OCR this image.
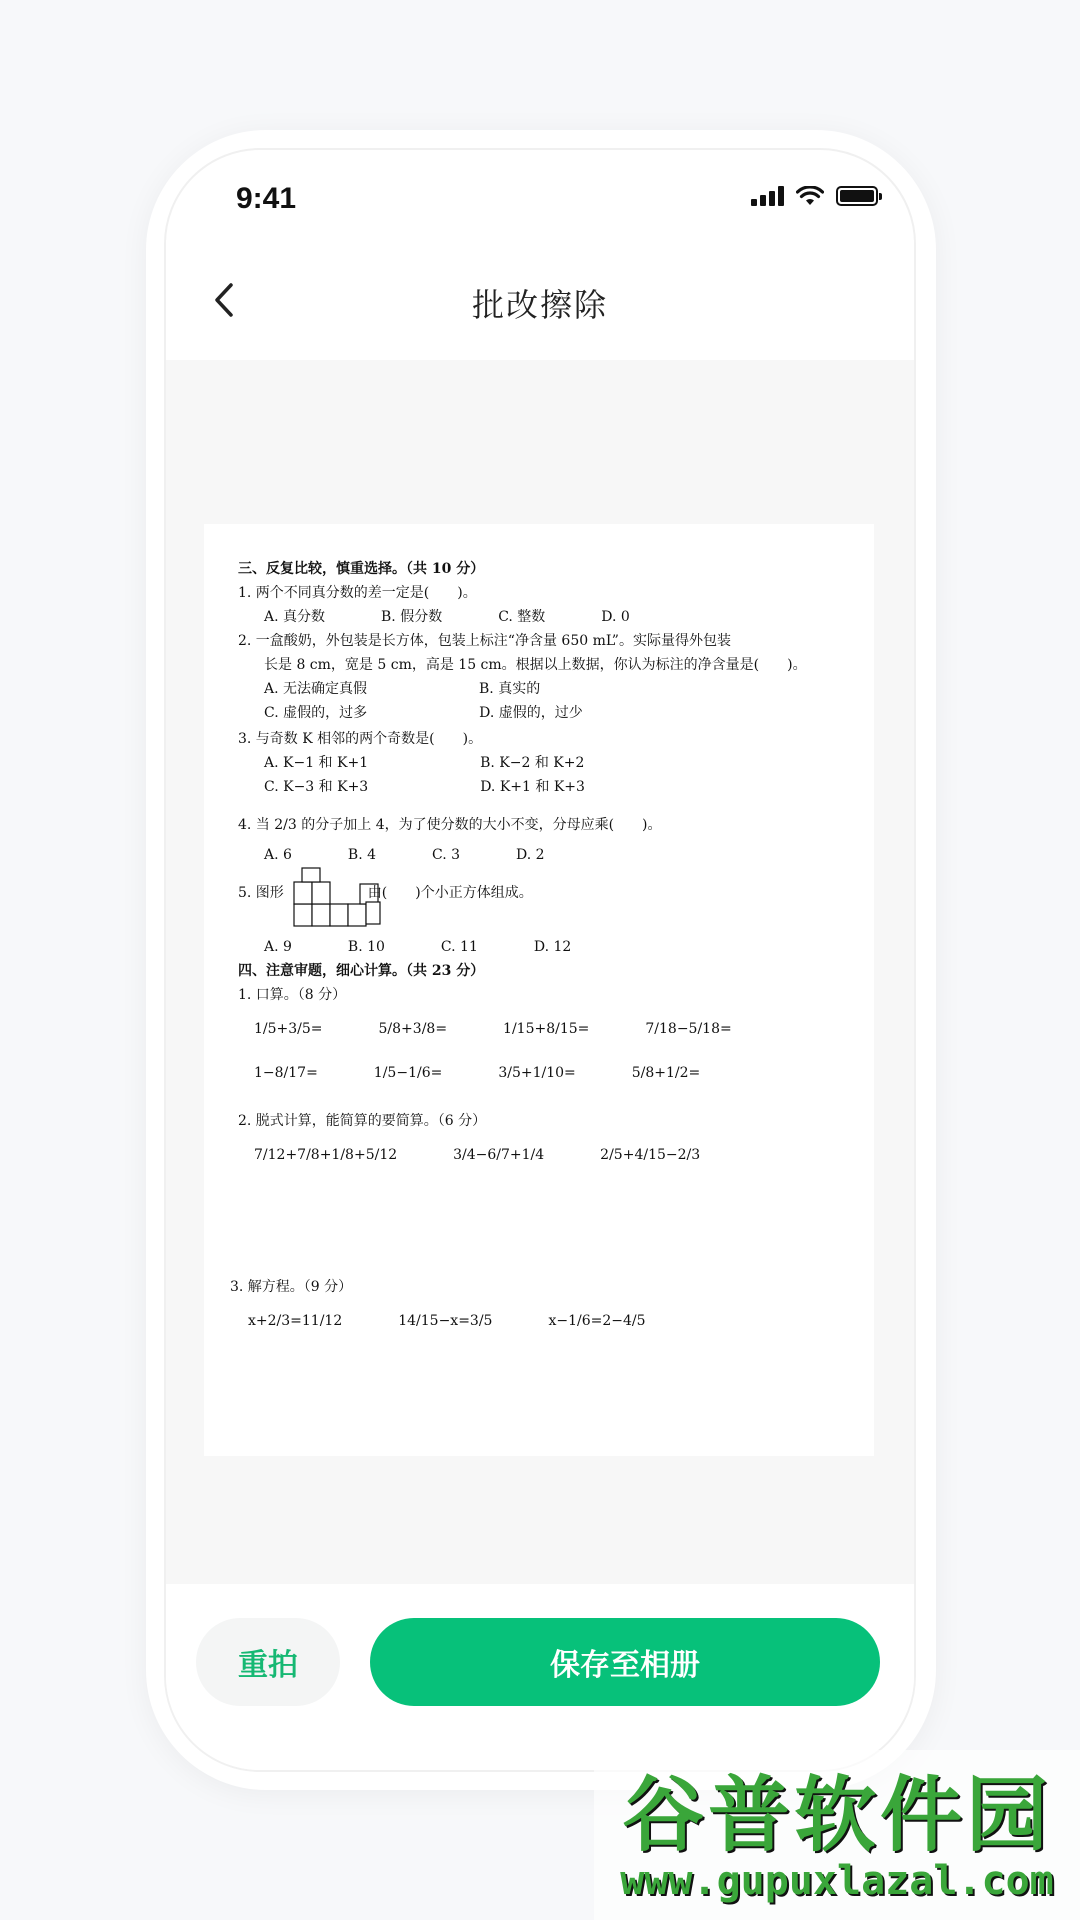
9:41
批改擦除
三、反复比较，慎重选择。（共 10 分）
1. 两个不同真分数的差一定是(　　)。
A. 真分数　　　　B. 假分数　　　　C. 整数　　　　D. 0
2. 一盒酸奶，外包装是长方体，包装上标注“净含量 650 mL”。实际量得外包装
长是 8 cm，宽是 5 cm，高是 15 cm。根据以上数据，你认为标注的净含量是(　　)。
A. 无法确定真假　　　　　　　　B. 真实的
C. 虚假的，过多　　　　　　　　D. 虚假的，过少
3. 与奇数 K 相邻的两个奇数是(　　)。
A. K−1 和 K+1　　　　　　　　B. K−2 和 K+2
C. K−3 和 K+3　　　　　　　　D. K+1 和 K+3
4. 当 2/3 的分子加上 4，为了使分数的大小不变，分母应乘(　　)。
A. 6　　　　B. 4　　　　C. 3　　　　D. 2
5. 图形　　　　　　由(　　)个小正方体组成。
A. 9　　　　B. 10　　　　C. 11　　　　D. 12
四、注意审题，细心计算。（共 23 分）
1. 口算。（8 分）
1/5+3/5=　　　　5/8+3/8=　　　　1/15+8/15=　　　　7/18−5/18=
1−8/17=　　　　1/5−1/6=　　　　3/5+1/10=　　　　5/8+1/2=
2. 脱式计算，能简算的要简算。（6 分）
7/12+7/8+1/8+5/12　　　　3/4−6/7+1/4　　　　2/5+4/15−2/3
3. 解方程。（9 分）
x+2/3=11/12　　　　14/15−x=3/5　　　　x−1/6=2−4/5
重拍	保存至相册
谷普软件园
www.gupuxlazal.com
